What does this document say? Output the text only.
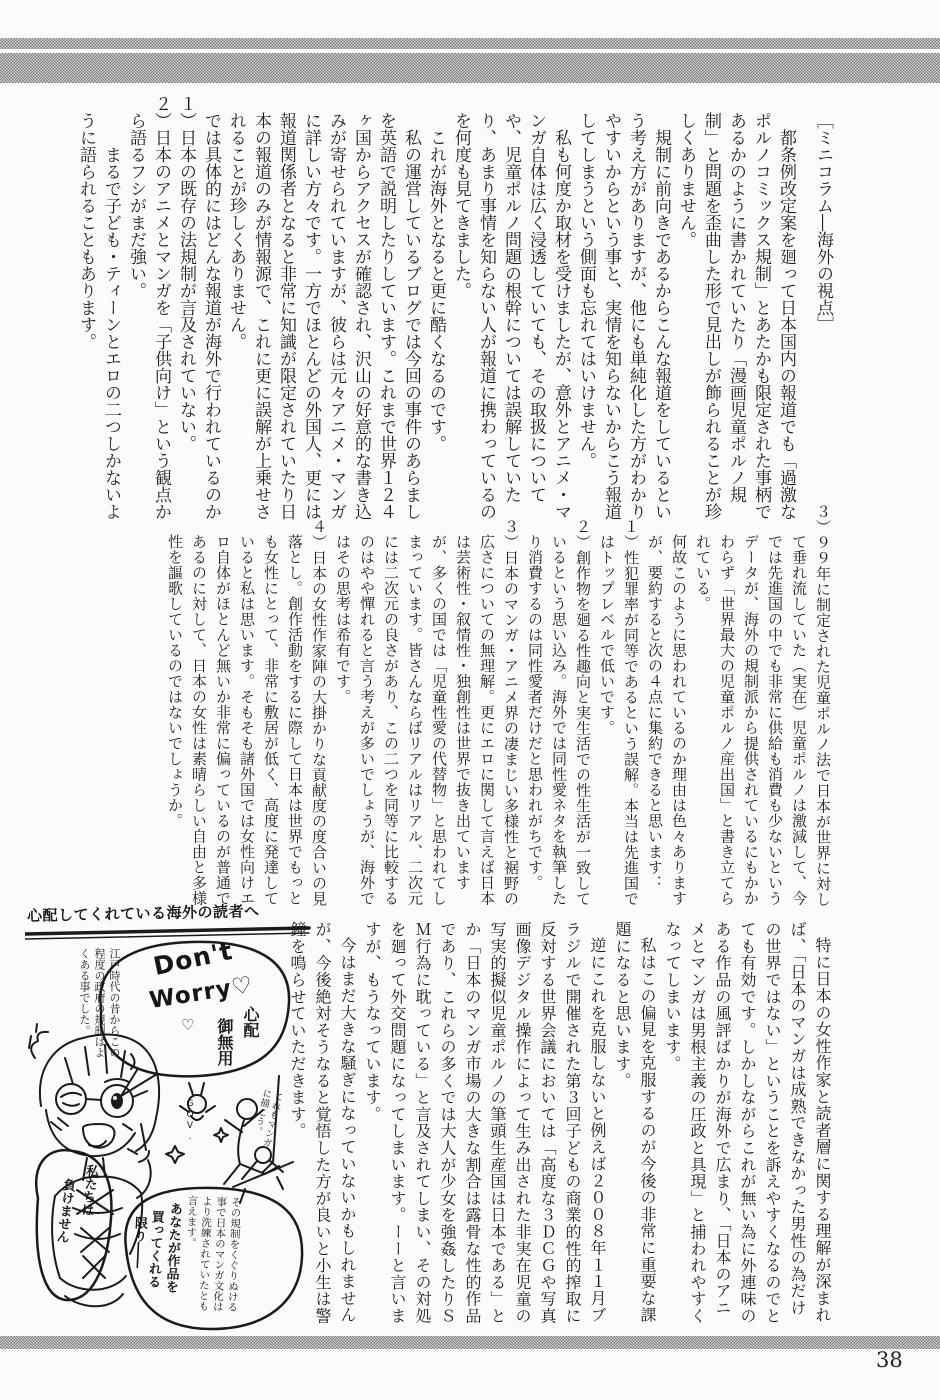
［ミニコラム―海外の視点］

都条例改定案を廻って日本国内の報道でも「過激なポルノコミックス規制」とあたかも限定された事柄であるかのように書かれていたり「漫画児童ポルノ規制」と問題を歪曲した形で見出しが飾られることが珍しくありません。

規制に前向きであるからこんな報道をしているという考え方がありますが、他にも単純化した方がわかりやすいからという事と、実情を知らないからこう報道してしまうという側面も忘れてはいけません。

私も何度か取材を受けましたが、意外とアニメ・マンガ自体は広く浸透していても、その取扱についてや、児童ポルノ問題の根幹については誤解していたり、あまり事情を知らない人が報道に携わっているのを何度も見てきました。

これが海外となると更に酷くなるのです。

私の運営しているブログでは今回の事件のあらましを英語で説明したりしています。これまで世界１２４ヶ国からアクセスが確認され、沢山の好意的な書き込みが寄せられていますが、彼らは元々アニメ・マンガに詳しい方々です。一方でほとんどの外国人、更には報道関係者となると非常に知識が限定されていたり日本の報道のみが情報源で、これに更に誤解が上乗せされることが珍しくありません。

では具体的にはどんな報道が海外で行われているのか

１）日本の既存の法規制が言及されていない。

２）日本のアニメとマンガを「子供向け」という観点から語るフシがまだ強い。

まるで子ども・ティーンとエロの二つしかないように語られることもあります。

３）９９年に制定された児童ポルノ法で日本が世界に対して垂れ流していた（実在）児童ポルノは激減して、今では先進国の中でも非常に供給も消費も少ないというデータが、海外の規制派から提供されているにもかかわらず「世界最大の児童ポルノ産出国」と書き立てられている。

何故このように思われているのか理由は色々ありますが、要約すると次の４点に集約できると思います：

１）性犯罪率が同等であるという誤解。本当は先進国ではトップレベルで低いです。

２）創作物を廻る性趣向と実生活での性生活が一致しているという思い込み。海外では同性愛ネタを執筆したり消費するのは同性愛者だけだと思われがちです。

３）日本のマンガ・アニメ界の凄まじい多様性と裾野の広さについての無理解。更にエロに関して言えば日本は芸術性・叙情性・独創性は世界で抜き出ていますが、多くの国では「児童性愛の代替物」と思われてしまっています。皆さんならばリアルはリアル、二次元には二次元の良さがあり、この二つを同等に比較するのはやや憚れると言う考えが多いでしょうが、海外ではその思考は希有です。

４）日本の女性作家陣の大掛かりな貢献度の度合いの見落とし。創作活動をするに際して日本は世界でもっとも女性にとって、非常に敷居が低く、高度に発達していると私は思います。そもそも諸外国では女性向けエロ自体がほとんど無いか非常に偏っているのが普通であるのに対して、日本の女性は素晴らしい自由と多様性を謳歌しているのではないでしょうか。

特に日本の女性作家と読者層に関する理解が深まれば、「日本のマンガは成熟できなかった男性の為だけの世界ではない」ということを訴えやすくなるのでとても有効です。しかしながらこれが無い為に外連味のある作品の風評ばかりが海外で広まり、「日本のアニメとマンガは男根主義の圧政と具現」と捕われやすくなってしまいます。

私はこの偏見を克服するのが今後の非常に重要な課題になると思います。

逆にこれを克服しないと例えば２００８年１１月ブラジルで開催された第３回子どもの商業的性的搾取に反対する世界会議においては「高度な３ＤＣＧや写真画像デジタル操作によって生み出された非実在児童の写実的擬似児童ポルノの筆頭生産国は日本である」とか「日本のマンガ市場の大きな割合は露骨な性的作品であり、これらの多くでは大人が少女を強姦したりＳＭ行為に耽っている」と言及されてしまい、その対処を廻って外交問題になってしまいます。ーーと言いますが、もうなっています。

今はまだ大きな騒ぎになっていないかもしれませんが、今後絶対そうなると覚悟した方が良いと小生は警鐘を鳴らせていただきます。

心配してくれている海外の読者へ
江戸時代の昔からこの程度の政府の規制はよくある事でした。	Don't
Worry♡
♡	心配
御無用
私たちは
負けません	その規制をくぐりぬける事で日本のマンガ文化はより洗練されていたとも言えます。
あなたが作品を
買ってくれる
限り――
GOV.	これもマンガに描こう。
38
